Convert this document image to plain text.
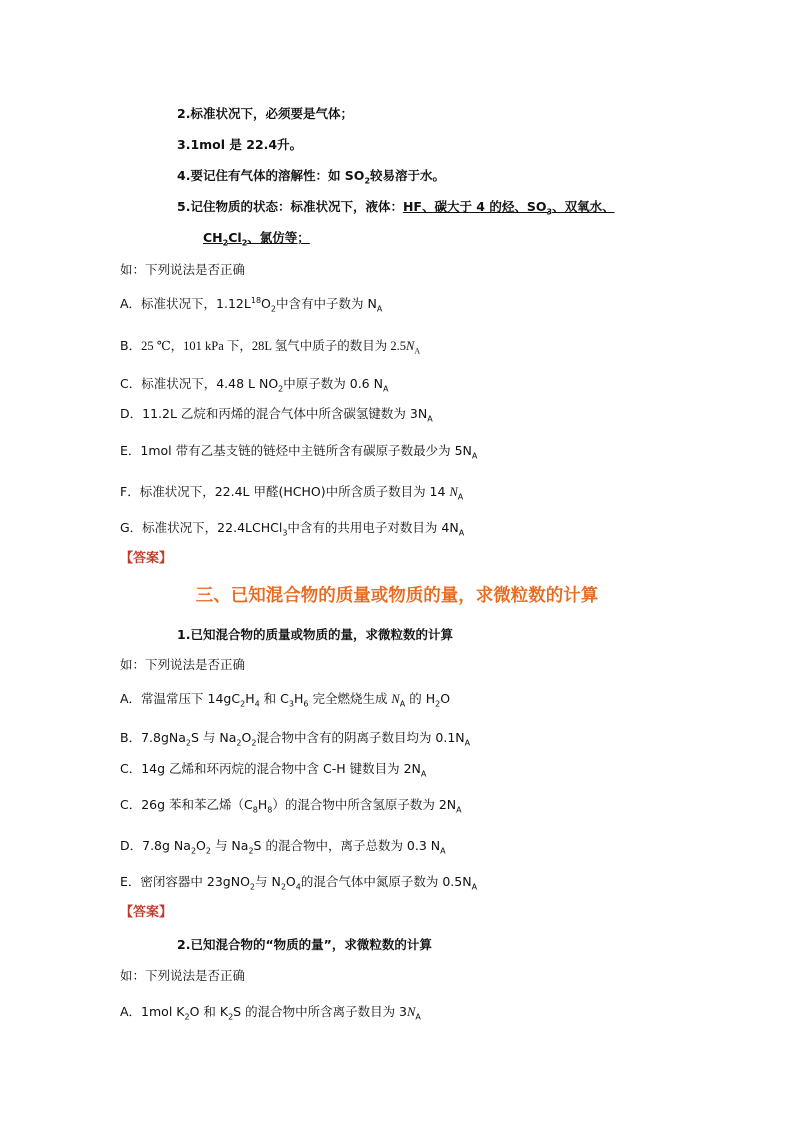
2.标准状况下，必须要是气体；
3.1mol 是 22.4升。
4.要记住有气体的溶解性：如 $SO_2$较易溶于水。
5.记住物质的状态：标准状况下，液体：HF、碳大于 4 的烃、$SO_3$、双氧水、
$CH_2Cl_2$、氯仿等；
如：下列说法是否正确
A．标准状况下，$1.12L^{18}O_2$中含有中子数为 $N_A$
B．25 ℃，101 kPa 下，28L 氢气中质子的数目为 $2.5N_A$
C．标准状况下，4.48 L $NO_2$中原子数为 0.6 $N_A$
D．11.2L 乙烷和丙烯的混合气体中所含碳氢键数为 $3N_A$
E．1mol 带有乙基支链的链烃中主链所含有碳原子数最少为 $5N_A$
F．标准状况下，22.4L 甲醛(HCHO)中所含质子数目为 14 $N_A$
G．标准状况下，22.4LCHCl$_3$中含有的共用电子对数目为 $4N_A$
【答案】
三、已知混合物的质量或物质的量，求微粒数的计算
1.已知混合物的质量或物质的量，求微粒数的计算
如：下列说法是否正确
A．常温常压下 $14gC_2H_4$ 和 $C_3H_6$ 完全燃烧生成 $N_A$ 的 $H_2O$
B．7.8gNa$_2$S 与 $Na_2O_2$混合物中含有的阴离子数目均为 $0.1N_A$
C．14g 乙烯和环丙烷的混合物中含 C-H 键数目为 $2N_A$
C．26g 苯和苯乙烯$(C_8H_8)$的混合物中所含氢原子数为 $2N_A$
D．7.8g $Na_2O_2$ 与 $Na_2S$ 的混合物中，离子总数为 0.3 $N_A$
E．密闭容器中 23gNO$_2$与 $N_2O_4$的混合气体中氮原子数为 $0.5N_A$
【答案】
2.已知混合物的“物质的量”，求微粒数的计算
如：下列说法是否正确
A．1mol $K_2O$ 和 $K_2S$ 的混合物中所含离子数目为 $3N_A$
